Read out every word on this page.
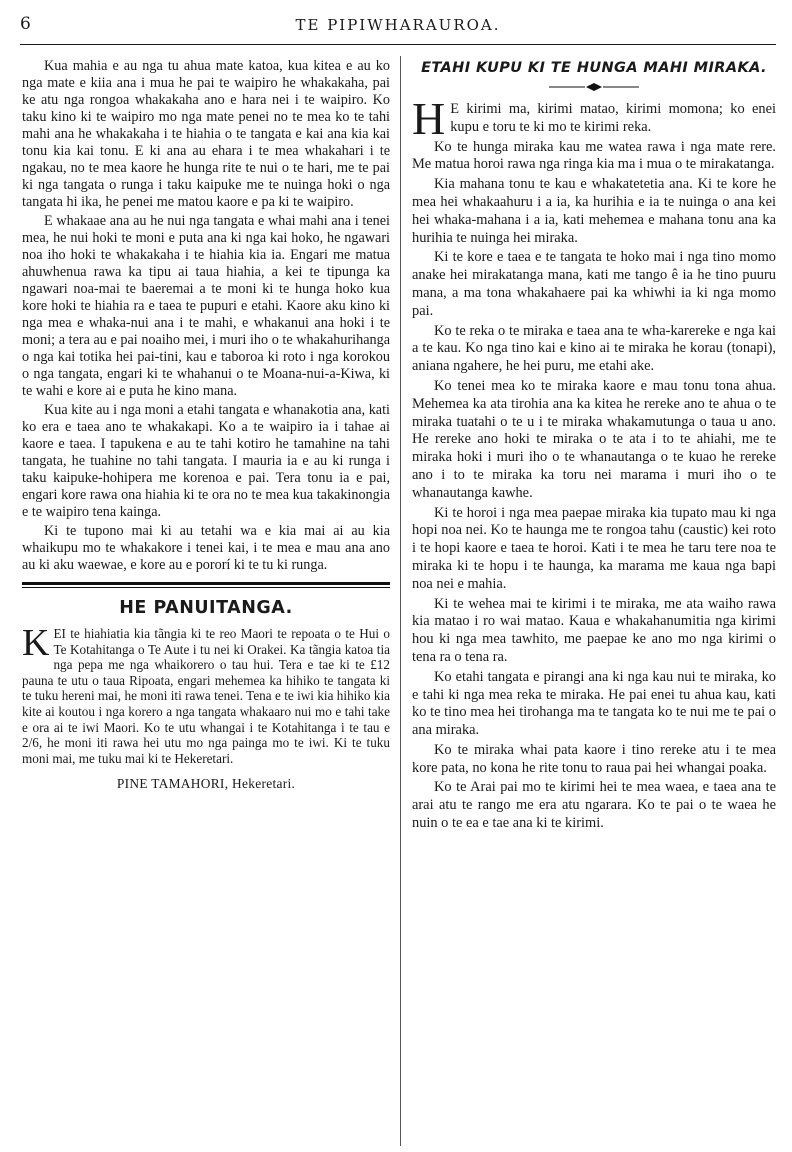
6	TE PIPIWHARAUROA.

Kua mahia e au nga tu ahua mate katoa, kua kitea e au ko nga mate e kiia ana i mua he pai te waipiro he whakakaha, pai ke atu nga rongoa whakakaha ano e hara nei i te waipiro. Ko taku kino ki te waipiro mo nga mate penei no te mea ko te tahi mahi ana he whakakaha i te hiahia o te tangata e kai ana kia kai tonu kia kai tonu. E ki ana au ehara i te mea whakahari i te ngakau, no te mea kaore he hunga rite te nui o te hari, me te pai ki nga tangata o runga i taku kaipuke me te nuinga hoki o nga tangata hi ika, he penei me matou kaore e pa ki te waipiro.

E whakaae ana au he nui nga tangata e whai mahi ana i tenei mea, he nui hoki te moni e puta ana ki nga kai hoko, he ngawari noa iho hoki te whakakaha i te hiahia kia ia. Engari me matua ahuwhenua rawa ka tipu ai taua hiahia, a kei te tipunga ka ngawari noa-mai te baeremai a te moni ki te hunga hoko kua kore hoki te hiahia ra e taea te pupuri e etahi. Kaore aku kino ki nga mea e whaka-nui ana i te mahi, e whakanui ana hoki i te moni; a tera au e pai noaiho mei, i muri iho o te whakahurihanga o nga kai totika hei pai-tini, kau e taboroa ki roto i nga korokou o nga tangata, engari ki te whahanui o te Moana-nui-a-Kiwa, ki te wahi e kore ai e puta he kino mana.

Kua kite au i nga moni a etahi tangata e whanakotia ana, kati ko era e taea ano te whakakapi. Ko a te waipiro ia i tahae ai kaore e taea. I tapukena e au te tahi kotiro he tamahine na tahi tangata, he tuahine no tahi tangata. I mauria ia e au ki runga i taku kaipuke-hohipera me korenoa e pai. Tera tonu ia e pai, engari kore rawa ona hiahia ki te ora no te mea kua takakinongia e te waipiro tena kainga.

Ki te tupono mai ki au tetahi wa e kia mai ai au kia whaikupu mo te whakakore i tenei kai, i te mea e mau ana ano au ki aku waewae, e kore au e pororí ki te tu ki runga.

HE PANUITANGA.

KEI te hiahiatia kia tãngia ki te reo Maori te repoata o te Hui o Te Kotahitanga o Te Aute i tu nei ki Orakei. Ka tãngia katoa tia nga pepa me nga whaikorero o tau hui. Tera e tae ki te £12 pauna te utu o taua Ripoata, engari mehemea ka hihiko te tangata ki te tuku hereni mai, he moni iti rawa tenei. Tena e te iwi kia hihiko kia kite ai koutou i nga korero a nga tangata whakaaro nui mo e tahi take e ora ai te iwi Maori. Ko te utu whangai i te Kotahitanga i te tau e 2/6, he moni iti rawa hei utu mo nga painga mo te iwi. Ki te tuku moni mai, me tuku mai ki te Hekeretari.

PINE TAMAHORI, Hekeretari.
ETAHI KUPU KI TE HUNGA MAHI MIRAKA.

H E kirimi ma, kirimi matao, kirimi momona; ko enei kupu e toru te ki mo te kirimi reka.

Ko te hunga miraka kau me watea rawa i nga mate rere. Me matua horoi rawa nga ringa kia ma i mua o te mirakatanga.

Kia mahana tonu te kau e whakatetetia ana. Ki te kore he mea hei whakaahuru i a ia, ka hurihia e ia te nuinga o ana kei hei whaka-mahana i a ia, kati mehemea e mahana tonu ana ka hurihia te nuinga hei miraka.

Ki te kore e taea e te tangata te hoko mai i nga tino momo anake hei mirakatanga mana, kati me tango ê ia he tino puuru mana, a ma tona whakahaere pai ka whiwhi ia ki nga momo pai.

Ko te reka o te miraka e taea ana te wha-karereke e nga kai a te kau. Ko nga tino kai e kino ai te miraka he korau (tonapi), aniana ngahere, he hei puru, me etahi ake.

Ko tenei mea ko te miraka kaore e mau tonu tona ahua. Mehemea ka ata tirohia ana ka kitea he rereke ano te ahua o te miraka tuatahi o te u i te miraka whakamutunga o taua u ano. He rereke ano hoki te miraka o te ata i to te ahiahi, me te miraka hoki i muri iho o te whanautanga o te kuao he rereke ano i to te miraka ka toru nei marama i muri iho o te whanautanga kawhe.

Ki te horoi i nga mea paepae miraka kia tupato mau ki nga hopi noa nei. Ko te haunga me te rongoa tahu (caustic) kei roto i te hopi kaore e taea te horoi. Kati i te mea he taru tere noa te miraka ki te hopu i te haunga, ka marama me kaua nga bapi noa nei e mahia.

Ki te wehea mai te kirimi i te miraka, me ata waiho rawa kia matao i ro wai matao. Kaua e whakahanumitia nga kirimi hou ki nga mea tawhito, me paepae ke ano mo nga kirimi o tena ra o tena ra.

Ko etahi tangata e pirangi ana ki nga kau nui te miraka, ko e tahi ki nga mea reka te miraka. He pai enei tu ahua kau, kati ko te tino mea hei tirohanga ma te tangata ko te nui me te pai o ana miraka.

Ko te miraka whai pata kaore i tino rereke atu i te mea kore pata, no kona he rite tonu to raua pai hei whangai poaka.

Ko te Arai pai mo te kirimi hei te mea waea, e taea ana te arai atu te rango me era atu ngarara. Ko te pai o te waea he nuin o te ea e tae ana ki te kirimi.
